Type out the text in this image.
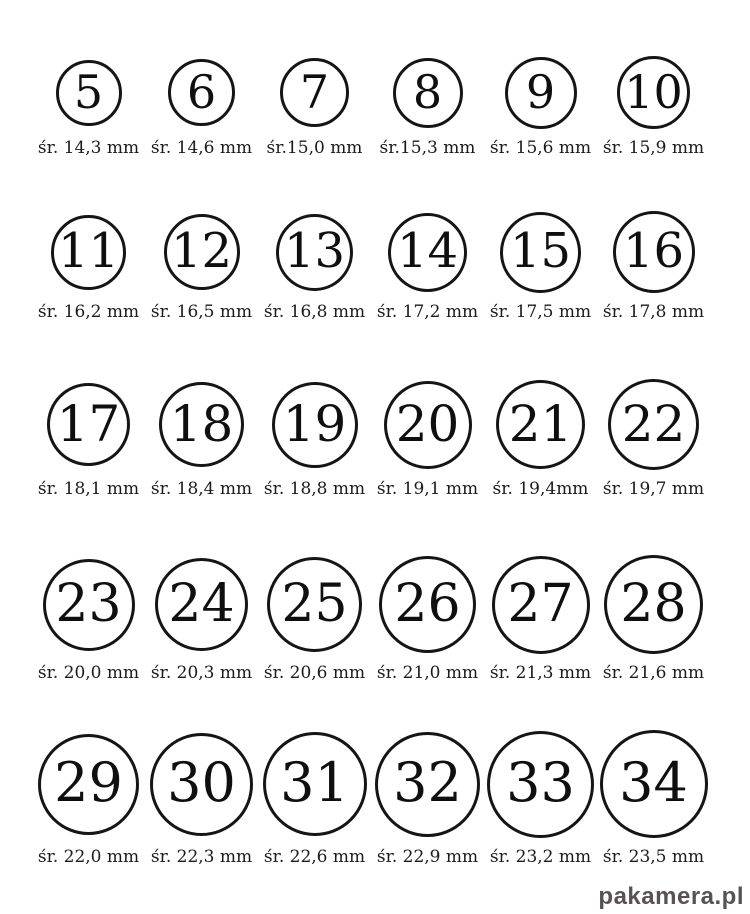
5
śr. 14,3 mm
6
śr. 14,6 mm
7
śr.15,0 mm
8
śr.15,3 mm
9
śr. 15,6 mm
10
śr. 15,9 mm
11
śr. 16,2 mm
12
śr. 16,5 mm
13
śr. 16,8 mm
14
śr. 17,2 mm
15
śr. 17,5 mm
16
śr. 17,8 mm
17
śr. 18,1 mm
18
śr. 18,4 mm
19
śr. 18,8 mm
20
śr. 19,1 mm
21
śr. 19,4mm
22
śr. 19,7 mm
23
śr. 20,0 mm
24
śr. 20,3 mm
25
śr. 20,6 mm
26
śr. 21,0 mm
27
śr. 21,3 mm
28
śr. 21,6 mm
29
śr. 22,0 mm
30
śr. 22,3 mm
31
śr. 22,6 mm
32
śr. 22,9 mm
33
śr. 23,2 mm
34
śr. 23,5 mm
pakamera.pl
